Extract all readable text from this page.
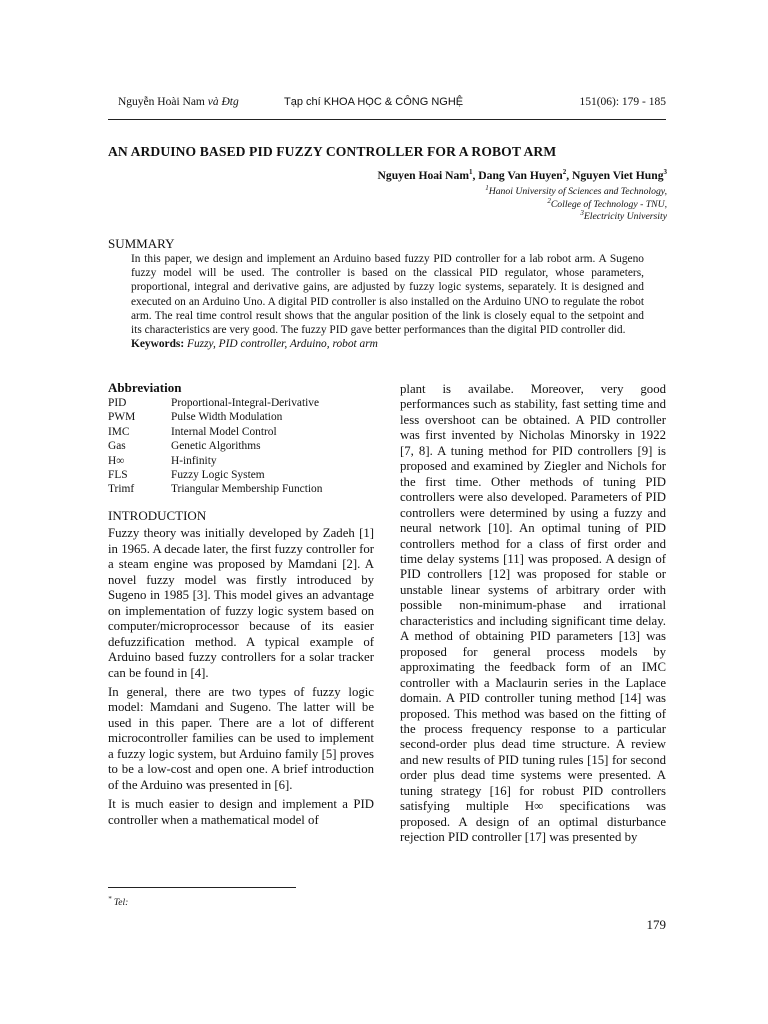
Nguyễn Hoài Nam và Đtg	Tạp chí KHOA HỌC & CÔNG NGHỆ	151(06): 179 - 185
AN ARDUINO BASED PID FUZZY CONTROLLER FOR A ROBOT ARM
Nguyen Hoai Nam$^1$, Dang Van Huyen$^2$, Nguyen Viet Hung$^3$
$^1$Hanoi University of Sciences and Technology,
$^2$College of Technology - TNU,
$^3$Electricity University
SUMMARY
In this paper, we design and implement an Arduino based fuzzy PID controller for a lab robot arm. A Sugeno fuzzy model will be used. The controller is based on the classical PID regulator, whose parameters, proportional, integral and derivative gains, are adjusted by fuzzy logic systems, separately. It is designed and executed on an Arduino Uno. A digital PID controller is also installed on the Arduino UNO to regulate the robot arm. The real time control result shows that the angular position of the link is closely equal to the setpoint and its characteristics are very good. The fuzzy PID gave better performances than the digital PID controller did.
Keywords: Fuzzy, PID controller, Arduino, robot arm
Abbreviation
PID	Proportional-Integral-Derivative
PWM	Pulse Width Modulation
IMC	Internal Model Control
Gas	Genetic Algorithms
H∞	H-infinity
FLS	Fuzzy Logic System
Trimf	Triangular Membership Function
INTRODUCTION

Fuzzy theory was initially developed by Zadeh [1] in 1965. A decade later, the first fuzzy controller for a steam engine was proposed by Mamdani [2]. A novel fuzzy model was firstly introduced by Sugeno in 1985 [3]. This model gives an advantage on implementation of fuzzy logic system based on computer/microprocessor because of its easier defuzzification method. A typical example of Arduino based fuzzy controllers for a solar tracker can be found in [4].

In general, there are two types of fuzzy logic model: Mamdani and Sugeno. The latter will be used in this paper. There are a lot of different microcontroller families can be used to implement a fuzzy logic system, but Arduino family [5] proves to be a low-cost and open one. A brief introduction of the Arduino was presented in [6].

It is much easier to design and implement a PID controller when a mathematical model of

plant is availabe. Moreover, very good performances such as stability, fast setting time and less overshoot can be obtained. A PID controller was first invented by Nicholas Minorsky in 1922 [7, 8]. A tuning method for PID controllers [9] is proposed and examined by Ziegler and Nichols for the first time. Other methods of tuning PID controllers were also developed. Parameters of PID controllers were determined by using a fuzzy and neural network [10]. An optimal tuning of PID controllers method for a class of first order and time delay systems [11] was proposed. A design of PID controllers [12] was proposed for stable or unstable linear systems of arbitrary order with possible non-minimum-phase and irrational characteristics and including significant time delay. A method of obtaining PID parameters [13] was proposed for general process models by approximating the feedback form of an IMC controller with a Maclaurin series in the Laplace domain. A PID controller tuning method [14] was proposed. This method was based on the fitting of the process frequency response to a particular second-order plus dead time structure. A review and new results of PID tuning rules [15] for second order plus dead time systems were presented. A tuning strategy [16] for robust PID controllers satisfying multiple H∞ specifications was proposed. A design of an optimal disturbance rejection PID controller [17] was presented by

* Tel:
179
